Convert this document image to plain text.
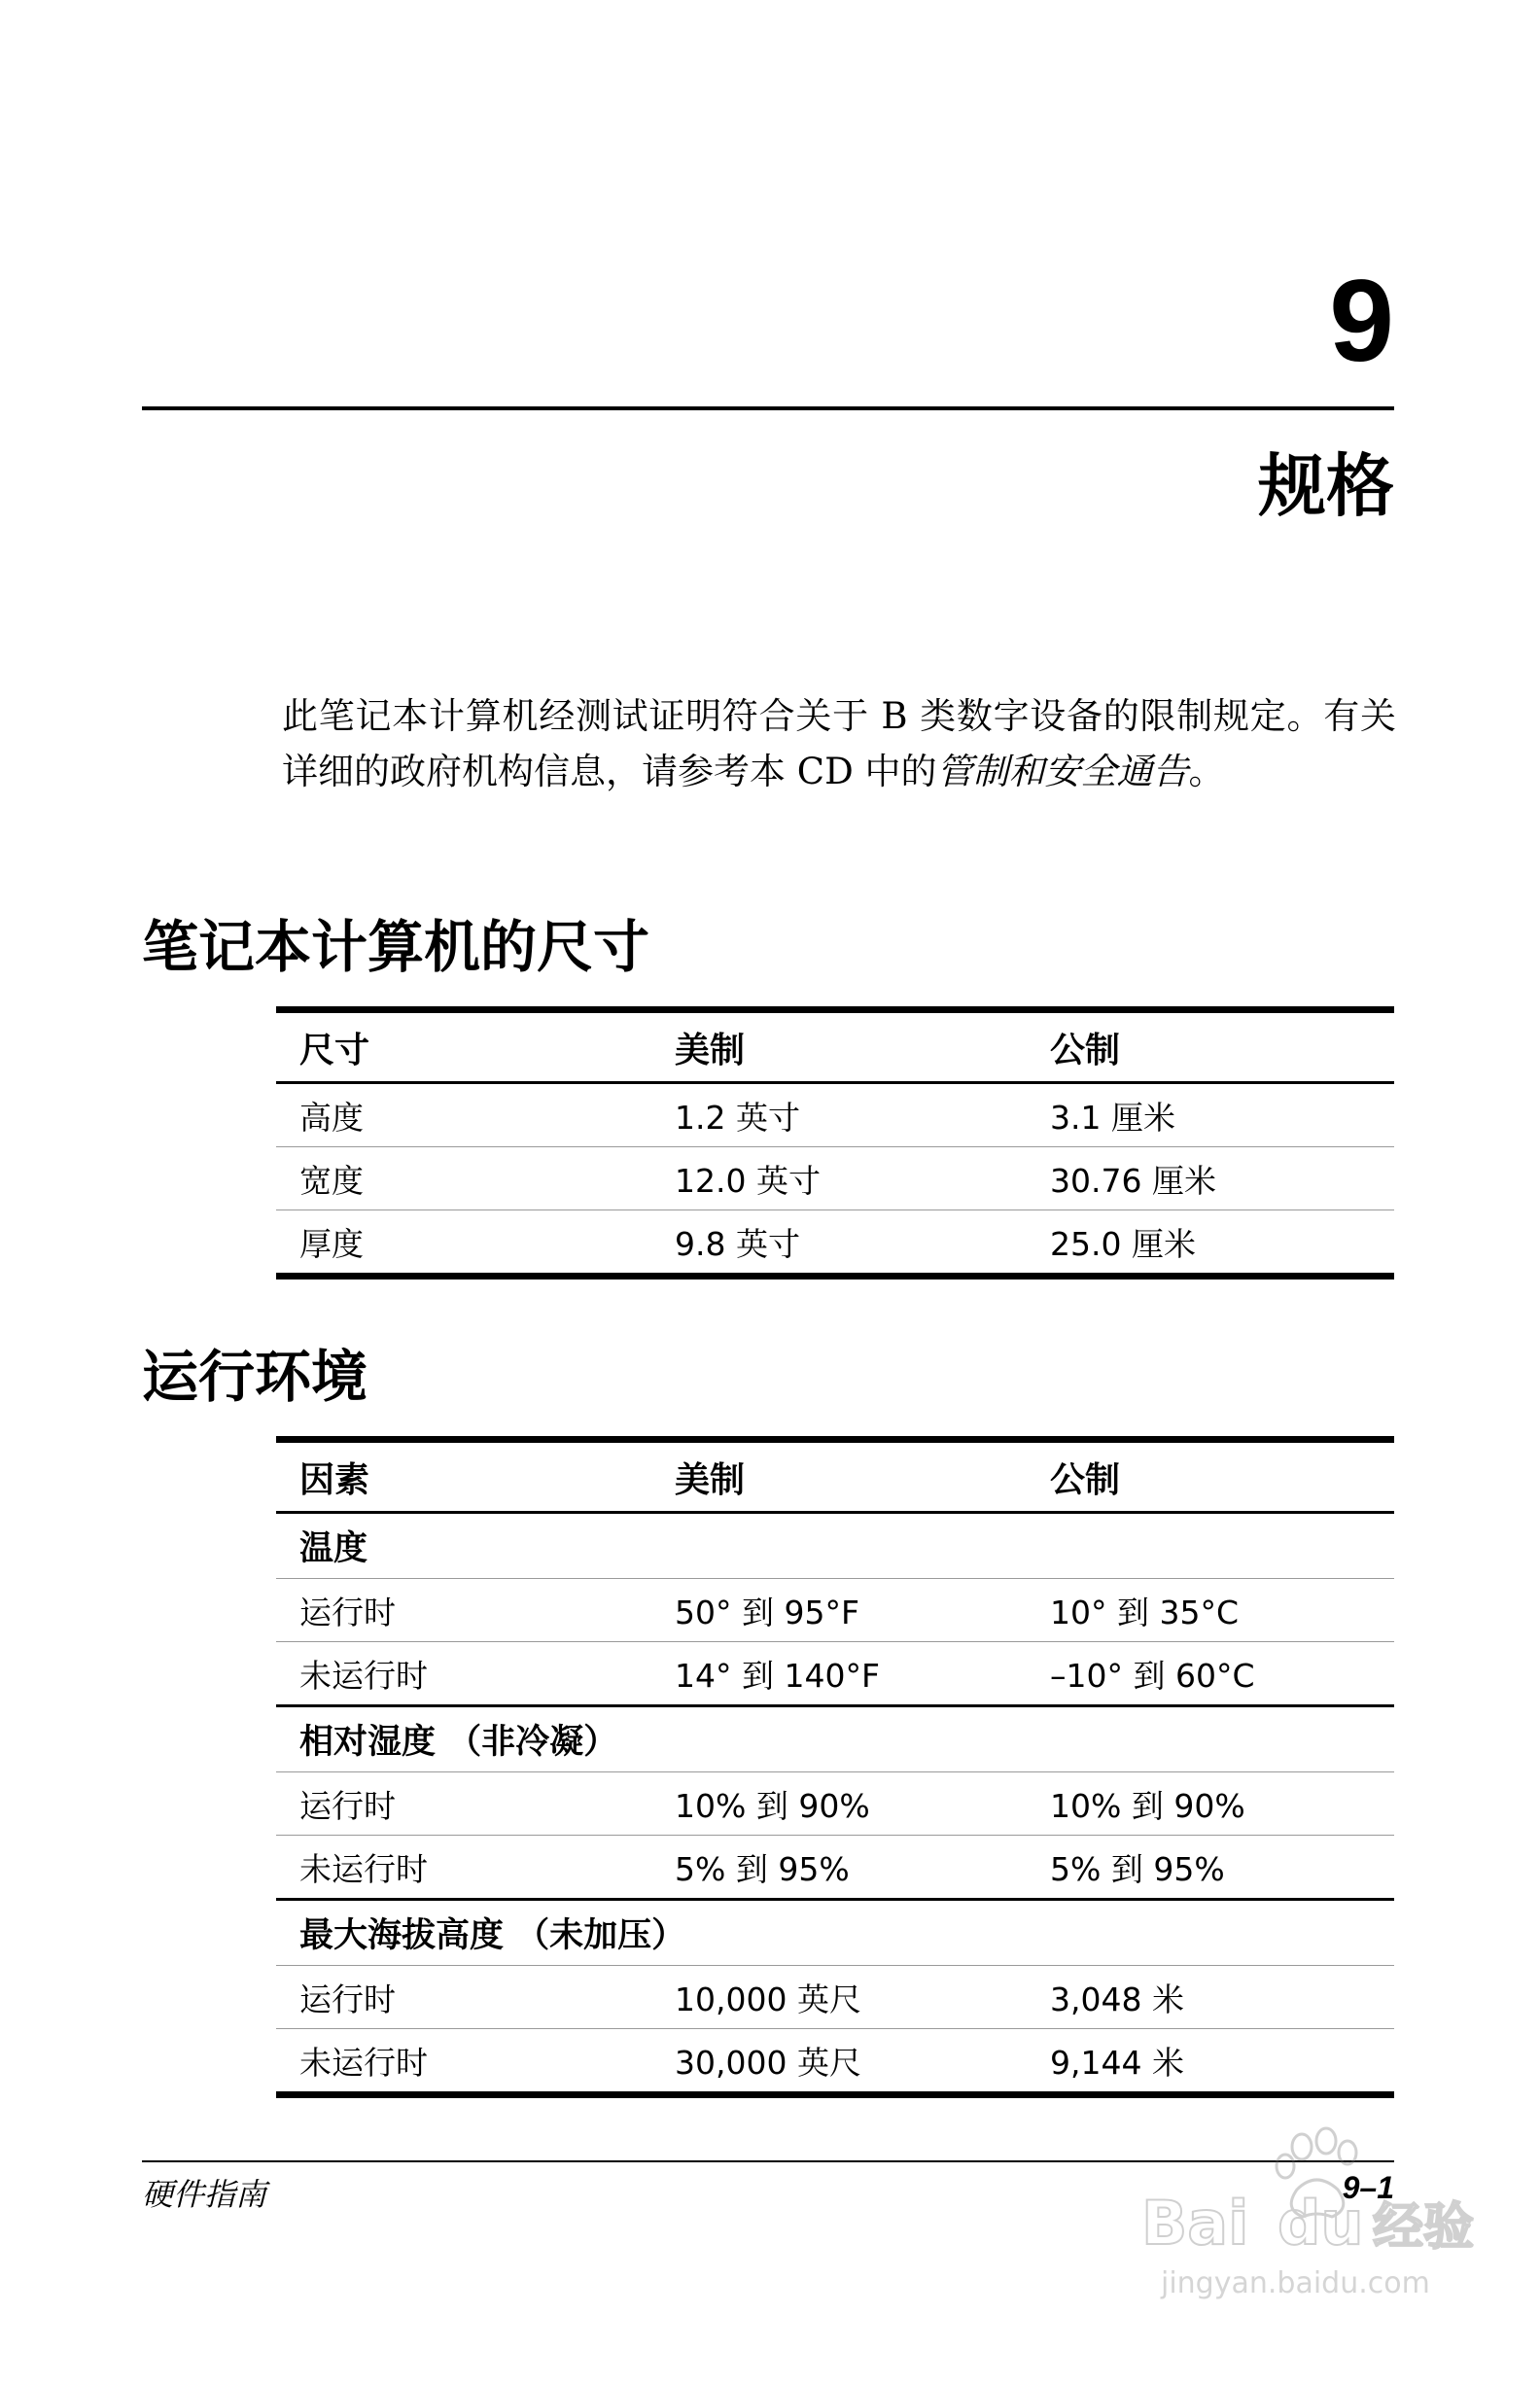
9
规格
此笔记本计算机经测试证明符合关于 B 类数字设备的限制规定。有关详细的政府机构信息，请参考本 CD 中的管制和安全通告。
笔记本计算机的尺寸
尺寸	美制	公制
高度	1.2 英寸	3.1 厘米
宽度	12.0 英寸	30.76 厘米
厚度	9.8 英寸	25.0 厘米
运行环境
因素	美制	公制
温度		
运行时	50° 到 95°F	10° 到 35°C
未运行时	14° 到 140°F	–10° 到 60°C
相对湿度 （非冷凝）		
运行时	10% 到 90%	10% 到 90%
未运行时	5% 到 95%	5% 到 95%
最大海拔高度 （未加压）		
运行时	10,000 英尺	3,048 米
未运行时	30,000 英尺	9,144 米
硬件指南	9–1
Bai du 经验
jingyan.baidu.com
